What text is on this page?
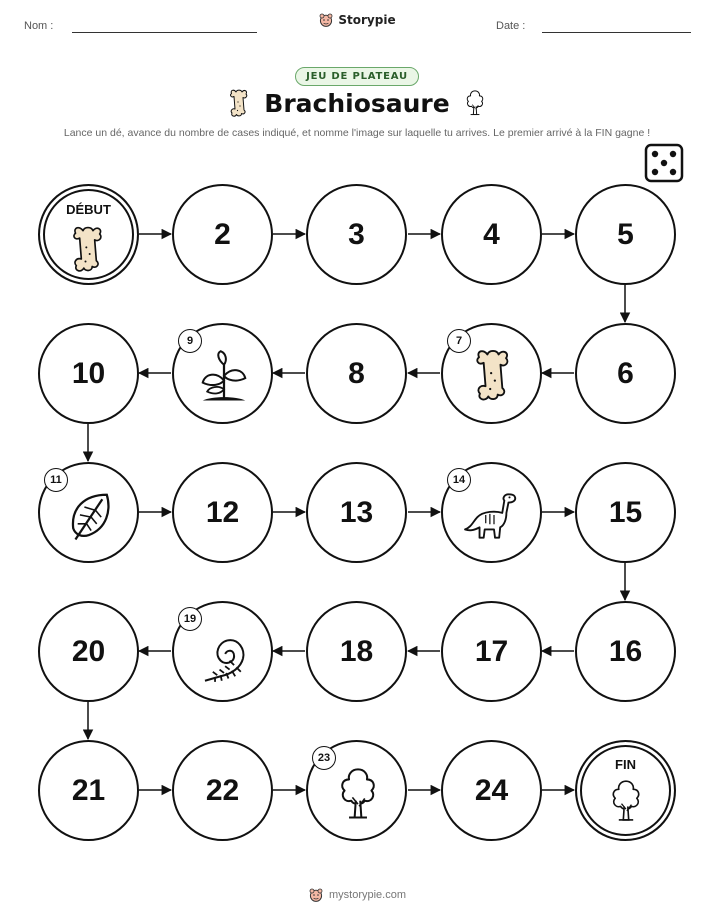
Nom :	Storypie	Date :
JEU DE PLATEAU
Brachiosaure
Lance un dé, avance du nombre de cases indiqué, et nomme l'image sur laquelle tu arrives. Le premier arrivé à la FIN gagne !
DÉBUT
2	3	4	5
10
9
8
7
6
11
12	13
14
15
20
19
18	17	16
21	22
23
24
FIN
mystorypie.com
